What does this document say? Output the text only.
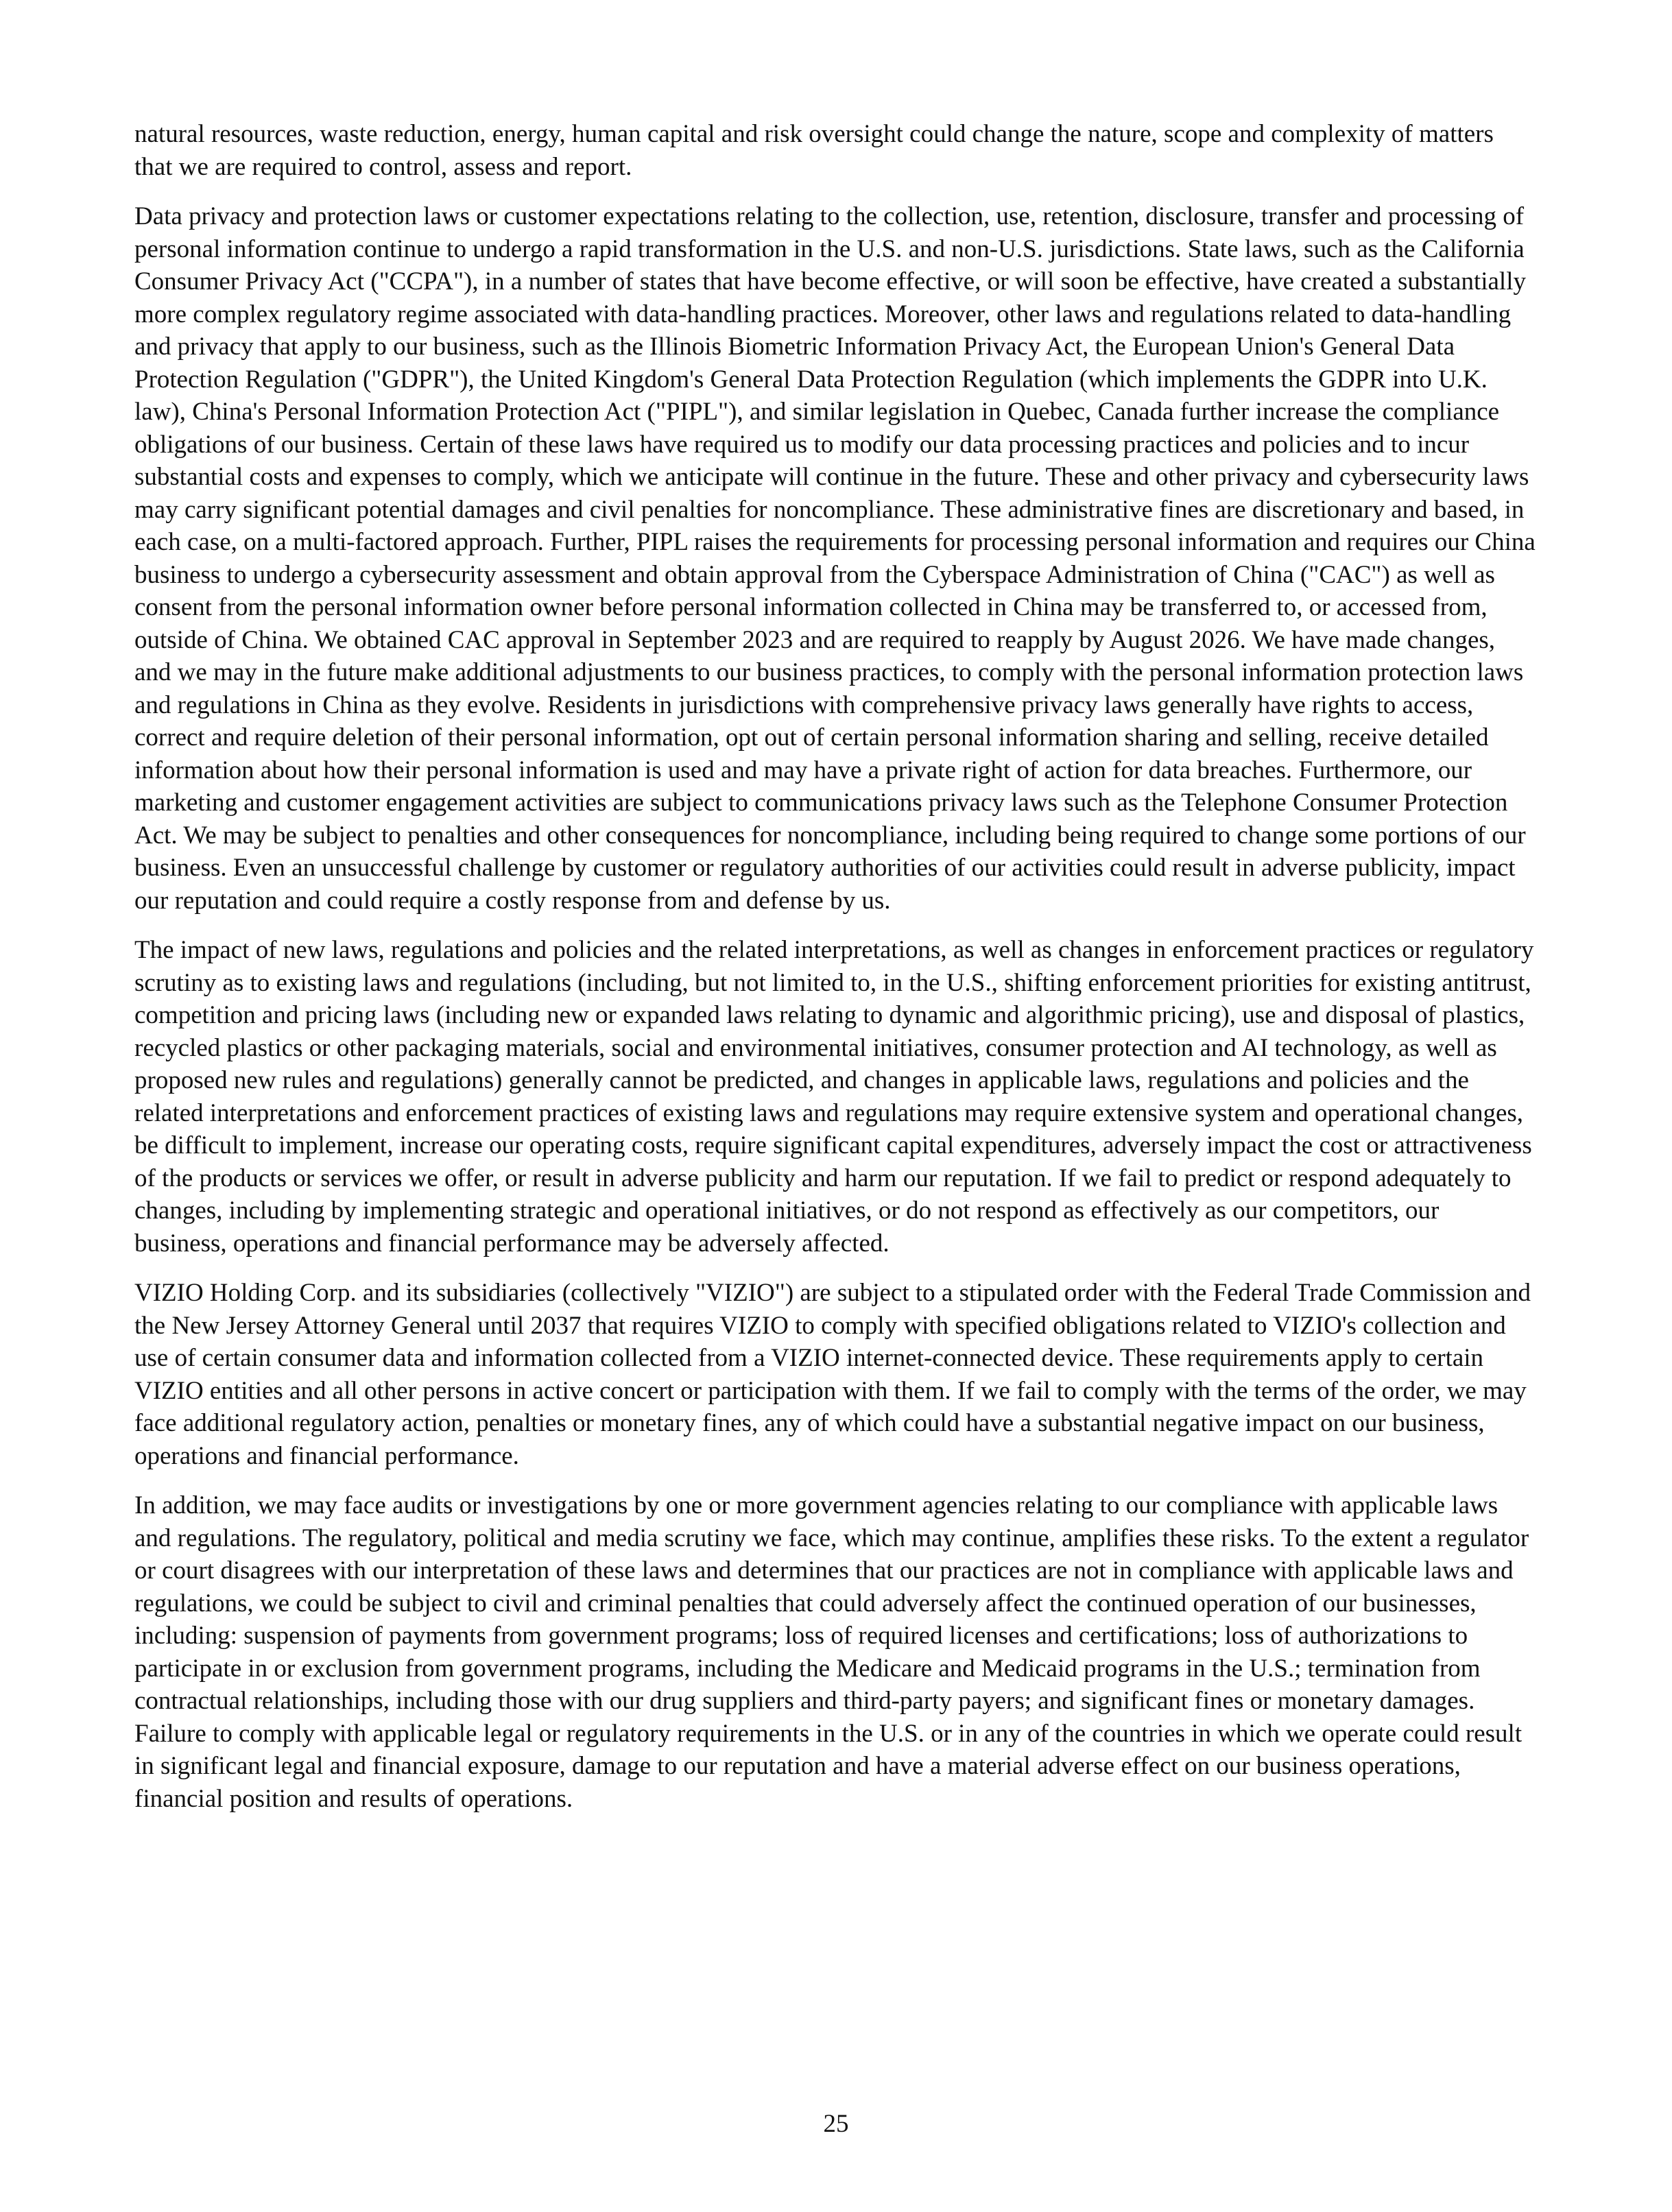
natural resources, waste reduction, energy, human capital and risk oversight could change the nature, scope and complexity of matters that we are required to control, assess and report.

Data privacy and protection laws or customer expectations relating to the collection, use, retention, disclosure, transfer and processing of personal information continue to undergo a rapid transformation in the U.S. and non-U.S. jurisdictions. State laws, such as the California Consumer Privacy Act ("CCPA"), in a number of states that have become effective, or will soon be effective, have created a substantially more complex regulatory regime associated with data-handling practices. Moreover, other laws and regulations related to data-handling and privacy that apply to our business, such as the Illinois Biometric Information Privacy Act, the European Union's General Data Protection Regulation ("GDPR"), the United Kingdom's General Data Protection Regulation (which implements the GDPR into U.K. law), China's Personal Information Protection Act ("PIPL"), and similar legislation in Quebec, Canada further increase the compliance obligations of our business. Certain of these laws have required us to modify our data processing practices and policies and to incur substantial costs and expenses to comply, which we anticipate will continue in the future. These and other privacy and cybersecurity laws may carry significant potential damages and civil penalties for noncompliance. These administrative fines are discretionary and based, in each case, on a multi-factored approach. Further, PIPL raises the requirements for processing personal information and requires our China business to undergo a cybersecurity assessment and obtain approval from the Cyberspace Administration of China ("CAC") as well as consent from the personal information owner before personal information collected in China may be transferred to, or accessed from, outside of China. We obtained CAC approval in September 2023 and are required to reapply by August 2026. We have made changes, and we may in the future make additional adjustments to our business practices, to comply with the personal information protection laws and regulations in China as they evolve. Residents in jurisdictions with comprehensive privacy laws generally have rights to access, correct and require deletion of their personal information, opt out of certain personal information sharing and selling, receive detailed information about how their personal information is used and may have a private right of action for data breaches. Furthermore, our marketing and customer engagement activities are subject to communications privacy laws such as the Telephone Consumer Protection Act. We may be subject to penalties and other consequences for noncompliance, including being required to change some portions of our business. Even an unsuccessful challenge by customer or regulatory authorities of our activities could result in adverse publicity, impact our reputation and could require a costly response from and defense by us.

The impact of new laws, regulations and policies and the related interpretations, as well as changes in enforcement practices or regulatory scrutiny as to existing laws and regulations (including, but not limited to, in the U.S., shifting enforcement priorities for existing antitrust, competition and pricing laws (including new or expanded laws relating to dynamic and algorithmic pricing), use and disposal of plastics, recycled plastics or other packaging materials, social and environmental initiatives, consumer protection and AI technology, as well as proposed new rules and regulations) generally cannot be predicted, and changes in applicable laws, regulations and policies and the related interpretations and enforcement practices of existing laws and regulations may require extensive system and operational changes, be difficult to implement, increase our operating costs, require significant capital expenditures, adversely impact the cost or attractiveness of the products or services we offer, or result in adverse publicity and harm our reputation. If we fail to predict or respond adequately to changes, including by implementing strategic and operational initiatives, or do not respond as effectively as our competitors, our business, operations and financial performance may be adversely affected.

VIZIO Holding Corp. and its subsidiaries (collectively "VIZIO") are subject to a stipulated order with the Federal Trade Commission and the New Jersey Attorney General until 2037 that requires VIZIO to comply with specified obligations related to VIZIO's collection and use of certain consumer data and information collected from a VIZIO internet-connected device. These requirements apply to certain VIZIO entities and all other persons in active concert or participation with them. If we fail to comply with the terms of the order, we may face additional regulatory action, penalties or monetary fines, any of which could have a substantial negative impact on our business, operations and financial performance.

In addition, we may face audits or investigations by one or more government agencies relating to our compliance with applicable laws and regulations. The regulatory, political and media scrutiny we face, which may continue, amplifies these risks. To the extent a regulator or court disagrees with our interpretation of these laws and determines that our practices are not in compliance with applicable laws and regulations, we could be subject to civil and criminal penalties that could adversely affect the continued operation of our businesses, including: suspension of payments from government programs; loss of required licenses and certifications; loss of authorizations to participate in or exclusion from government programs, including the Medicare and Medicaid programs in the U.S.; termination from contractual relationships, including those with our drug suppliers and third-party payers; and significant fines or monetary damages. Failure to comply with applicable legal or regulatory requirements in the U.S. or in any of the countries in which we operate could result in significant legal and financial exposure, damage to our reputation and have a material adverse effect on our business operations, financial position and results of operations.

25
